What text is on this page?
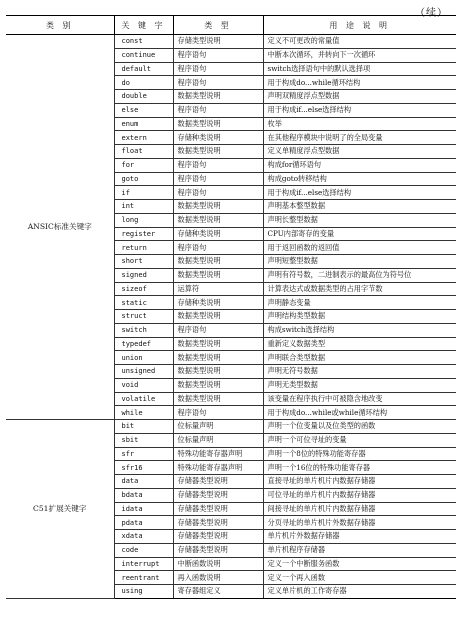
（续）
类 别	关 键 字	类 型	用 途 说 明
ANSIC标准关键字	const	存储类型说明	定义不可更改的常量值
	continue	程序语句	中断本次循环，并转向下一次循环
	default	程序语句	switch选择语句中的默认选择项
	do	程序语句	用于构成do...while循环结构
	double	数据类型说明	声明双精度浮点型数据
	else	程序语句	用于构成if...else选择结构
	enum	数据类型说明	枚举
	extern	存储种类说明	在其他程序模块中说明了的全局变量
	float	数据类型说明	定义单精度浮点型数据
	for	程序语句	构成for循环语句
	goto	程序语句	构成goto转移结构
	if	程序语句	用于构成if...else选择结构
	int	数据类型说明	声明基本整型数据
	long	数据类型说明	声明长整型数据
	register	存储种类说明	CPU内部寄存的变量
	return	程序语句	用于返回函数的返回值
	short	数据类型说明	声明短整型数据
	signed	数据类型说明	声明有符号数，二进制表示的最高位为符号位
	sizeof	运算符	计算表达式或数据类型的占用字节数
	static	存储种类说明	声明静态变量
	struct	数据类型说明	声明结构类型数据
	switch	程序语句	构成switch选择结构
	typedef	数据类型说明	重新定义数据类型
	union	数据类型说明	声明联合类型数据
	unsigned	数据类型说明	声明无符号数据
	void	数据类型说明	声明无类型数据
	volatile	数据类型说明	该变量在程序执行中可被隐含地改变
	while	程序语句	用于构成do...while或while循环结构
C51扩展关键字	bit	位标量声明	声明一个位变量以及位类型的函数
	sbit	位标量声明	声明一个可位寻址的变量
	sfr	特殊功能寄存器声明	声明一个8位的特殊功能寄存器
	sfr16	特殊功能寄存器声明	声明一个16位的特殊功能寄存器
	data	存储器类型说明	直接寻址的单片机片内数据存储器
	bdata	存储器类型说明	可位寻址的单片机片内数据存储器
	idata	存储器类型说明	间接寻址的单片机片内数据存储器
	pdata	存储器类型说明	分页寻址的单片机片外数据存储器
	xdata	存储器类型说明	单片机片外数据存储器
	code	存储器类型说明	单片机程序存储器
	interrupt	中断函数说明	定义一个中断服务函数
	reentrant	再入函数说明	定义一个再入函数
	using	寄存器组定义	定义单片机的工作寄存器
